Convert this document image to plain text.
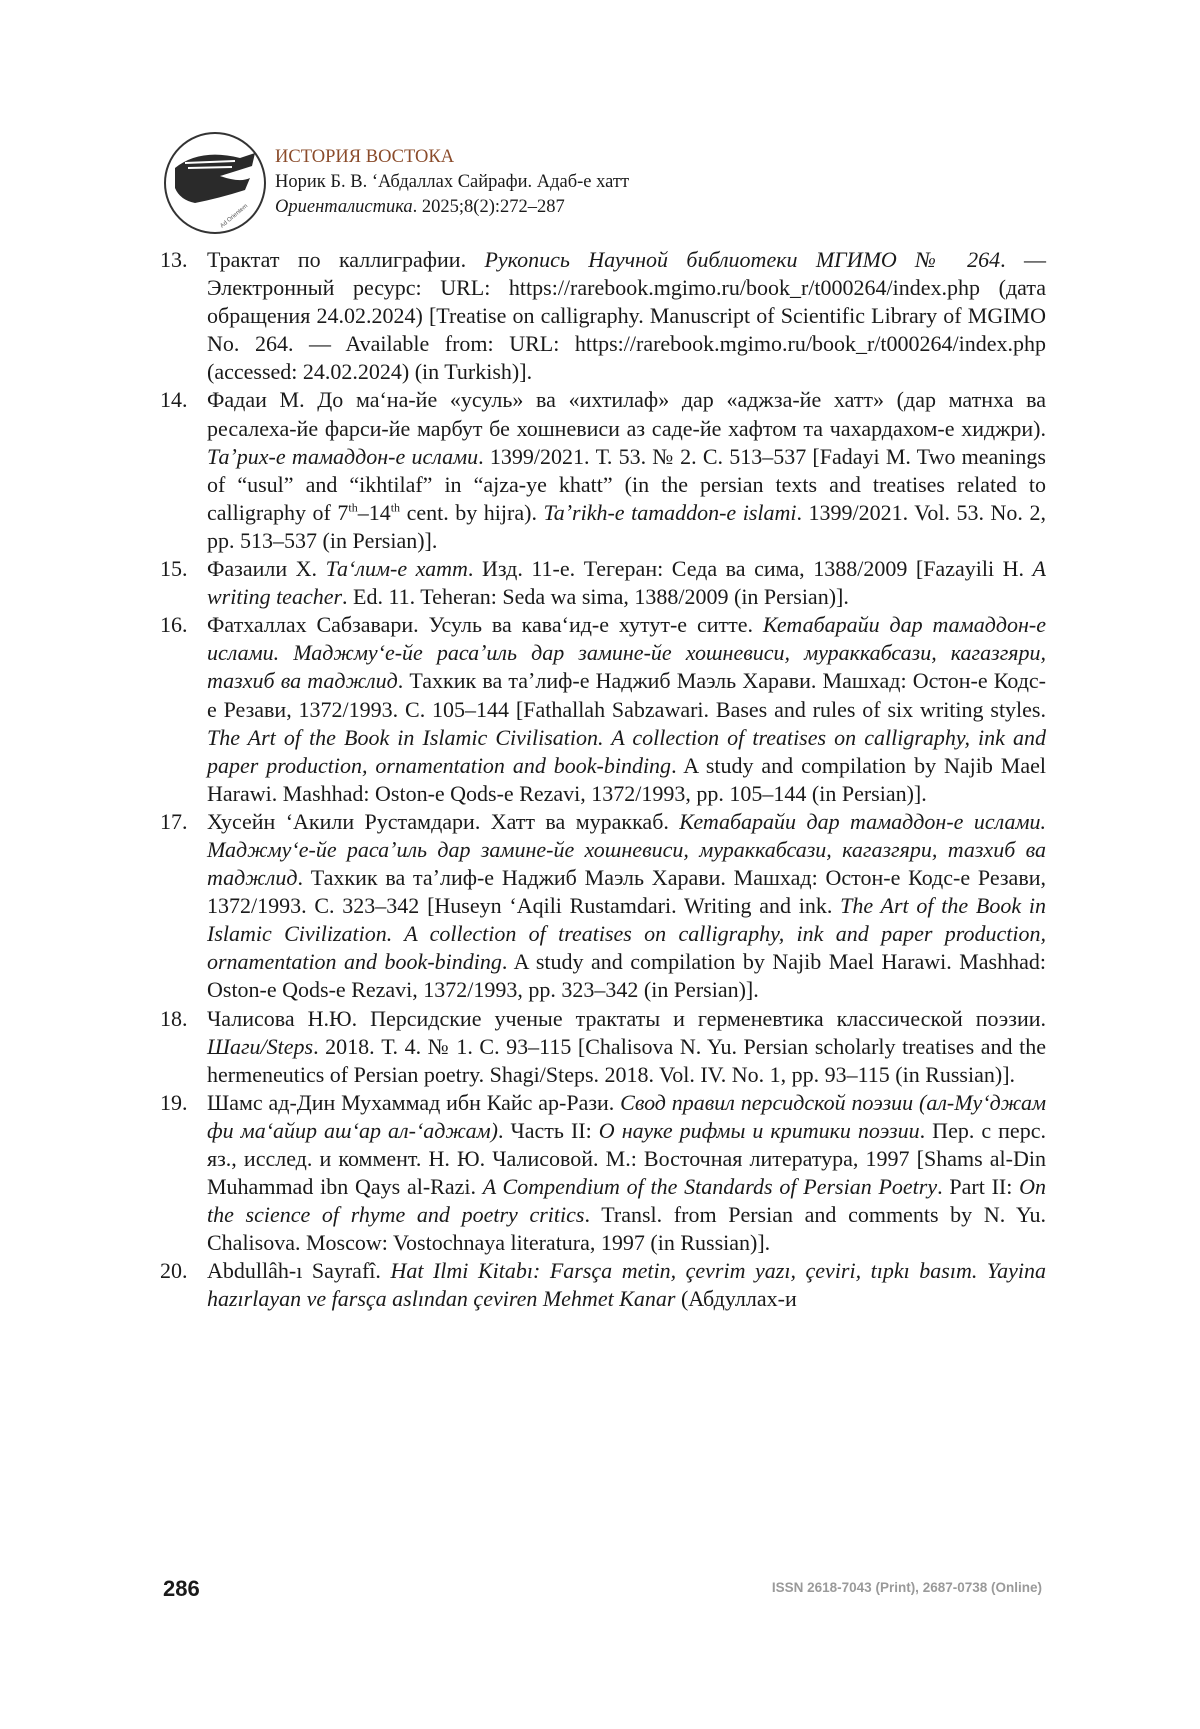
Ad Orientem
ИСТОРИЯ ВОСТОКА
Норик Б. В. ʻАбдаллах Сайрафи. Адаб-е хатт
Ориенталистика. 2025;8(2):272–287
13. Трактат по каллиграфии. Рукопись Научной библиотеки МГИМО № 264. — Электронный ресурс: URL: https://rarebook.mgimo.ru/book_r/t000264/index.php (дата обращения 24.02.2024) [Treatise on calligraphy. Manuscript of Scientific Library of MGIMO No. 264. — Available from: URL: https://rarebook.mgimo.ru/book_r/t000264/index.php (accessed: 24.02.2024) (in Turkish)].
14. Фадаи М. До маʻна-йе «усуль» ва «ихтилаф» дар «аджза-йе хатт» (дар матнха ва ресалеха-йе фарси-йе марбут бе хошневиси аз саде-йе хафтом та чахардахом-е хиджри). Таʼрих-е тамаддон-е ислами. 1399/2021. Т. 53. № 2. С. 513–537 [Fadayi M. Two meanings of “usul” and “ikhtilaf” in “ajza-ye khatt” (in the persian texts and treatises related to calligraphy of 7th–14th cent. by hijra). Taʼrikh-e tamaddon-e islami. 1399/2021. Vol. 53. No. 2, pp. 513–537 (in Persian)].
15. Фазаили Х. Таʻлим-е хатт. Изд. 11-е. Тегеран: Седа ва сима, 1388/2009 [Fazayili H. A writing teacher. Ed. 11. Teheran: Seda wa sima, 1388/2009 (in Persian)].
16. Фатхаллах Сабзавари. Усуль ва каваʻид-е хутут-е ситте. Кетабарайи дар тамаддон-е ислами. Маджмуʻе-йе расаʼиль дар замине-йе хошневиси, мураккабсази, кагазгяри, тазхиб ва таджлид. Тахкик ва таʼлиф-е Наджиб Маэль Харави. Машхад: Остон-е Кодс-е Резави, 1372/1993. С. 105–144 [Fathallah Sabzawari. Bases and rules of six writing styles. The Art of the Book in Islamic Civilisation. A collection of treatises on calligraphy, ink and paper production, ornamentation and book-binding. A study and compilation by Najib Mael Harawi. Mashhad: Oston-e Qods-e Rezavi, 1372/1993, pp. 105–144 (in Persian)].
17. Хусейн ʻАкили Рустамдари. Хатт ва мураккаб. Кетабарайи дар тамаддон-е ислами. Маджмуʻе-йе расаʼиль дар замине-йе хошневиси, мураккабсази, кагазгяри, тазхиб ва таджлид. Тахкик ва таʼлиф-е Наджиб Маэль Харави. Машхад: Остон-е Кодс-е Резави, 1372/1993. С. 323–342 [Huseyn ʻAqili Rustamdari. Writing and ink. The Art of the Book in Islamic Civilization. A collection of treatises on calligraphy, ink and paper production, ornamentation and book-binding. A study and compilation by Najib Mael Harawi. Mashhad: Oston-e Qods-e Rezavi, 1372/1993, pp. 323–342 (in Persian)].
18. Чалисова Н.Ю. Персидские ученые трактаты и герменевтика классической поэзии. Шаги/Steps. 2018. Т. 4. № 1. С. 93–115 [Chalisova N. Yu. Persian scholarly treatises and the hermeneutics of Persian poetry. Shagi/Steps. 2018. Vol. IV. No. 1, pp. 93–115 (in Russian)].
19. Шамс ад-Дин Мухаммад ибн Кайс ар-Рази. Свод правил персидской поэзии (ал-Муʻджам фи маʻайир ашʻар ал-ʻаджам). Часть II: О науке рифмы и критики поэзии. Пер. с перс. яз., исслед. и коммент. Н. Ю. Чалисовой. М.: Восточная литература, 1997 [Shams al-Din Muhammad ibn Qays al-Razi. A Compendium of the Standards of Persian Poetry. Part II: On the science of rhyme and poetry critics. Transl. from Persian and comments by N. Yu. Chalisova. Moscow: Vostochnaya literatura, 1997 (in Russian)].
20. Abdullâh-ı Sayrafî. Hat Ilmi Kitabı: Farsça metin, çevrim yazı, çeviri, tıpkı basım. Yayina hazırlayan ve farsça aslından çeviren Mehmet Kanar (Абдуллах-и
286	ISSN 2618-7043 (Print), 2687-0738 (Online)
